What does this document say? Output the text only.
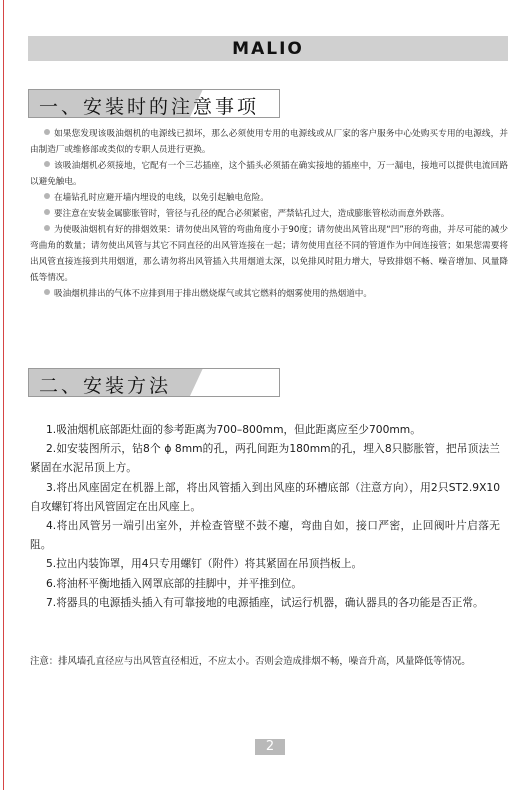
MALIO
一、安装时的注意事项

如果您发现该吸油烟机的电源线已损坏，那么必须使用专用的电源线或从厂家的客户服务中心处购买专用的电源线，并由制造厂或维修部或类似的专职人员进行更换。

该吸油烟机必须接地，它配有一个三芯插座，这个插头必须插在确实接地的插座中，万一漏电，接地可以提供电流回路以避免触电。

在墙钻孔时应避开墙内埋设的电线，以免引起触电危险。

要注意在安装金属膨胀管时，管径与孔径的配合必须紧密，严禁钻孔过大，造成膨胀管松动而意外跌落。

为使吸油烟机有好的排烟效果：请勿使出风管的弯曲角度小于90度；请勿使出风管出现“凹”形的弯曲，并尽可能的减少弯曲角的数量；请勿使出风管与其它不同直径的出风管连接在一起；请勿使用直径不同的管道作为中间连接管；如果您需要将出风管直接连接到共用烟道，那么请勿将出风管插入共用烟道太深，以免排风时阻力增大，导致排烟不畅、噪音增加、风量降低等情况。

吸油烟机排出的气体不应排到用于排出燃烧煤气或其它燃料的烟雾使用的热烟道中。

二、安装方法

1.吸油烟机底部距灶面的参考距离为700–800mm，但此距离应至少700mm。

2.如安装图所示，钻8个 ϕ 8mm的孔，两孔间距为180mm的孔，埋入8只膨胀管，把吊顶法兰紧固在水泥吊顶上方。

3.将出风座固定在机器上部，将出风管插入到出风座的环槽底部（注意方向），用2只ST2.9X10自攻螺钉将出风管固定在出风座上。

4.将出风管另一端引出室外，并检查管壁不鼓不瘪，弯曲自如，接口严密，止回阀叶片启落无阻。

5.拉出内装饰罩，用4只专用螺钉（附件）将其紧固在吊顶挡板上。

6.将油杯平衡地插入网罩底部的挂脚中，并平推到位。

7.将器具的电源插头插入有可靠接地的电源插座，试运行机器，确认器具的各功能是否正常。

注意：排风墙孔直径应与出风管直径相近，不应太小。否则会造成排烟不畅，噪音升高，风量降低等情况。

2
